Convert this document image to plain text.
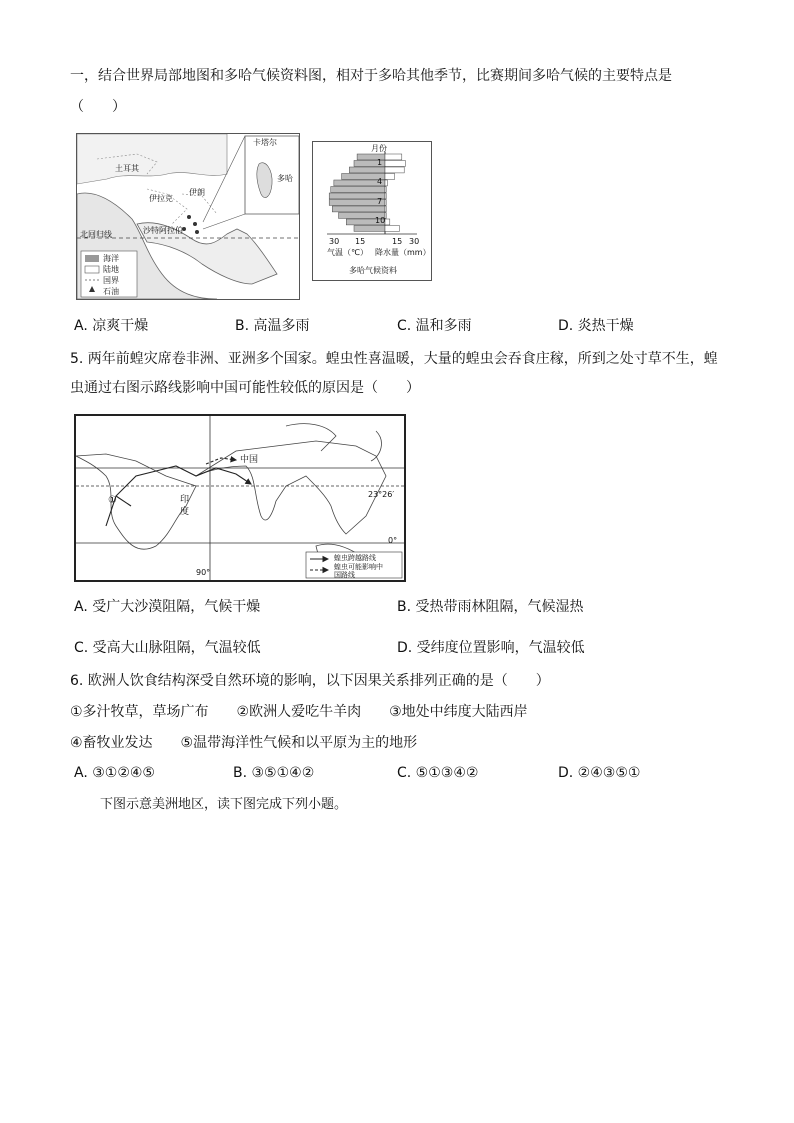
一，结合世界局部地图和多哈气候资料图，相对于多哈其他季节，比赛期间多哈气候的主要特点是
（　　）
卡塔尔
多哈
土耳其
伊拉克
伊朗
沙特阿拉伯
北回归线
海洋
陆地
国界
石油
月份
1
4
7
10
30 15	15 30
气温（℃） 降水量（mm）
多哈气候资料
A. 凉爽干燥	B. 高温多雨	C. 温和多雨	D. 炎热干燥
5. 两年前蝗灾席卷非洲、亚洲多个国家。蝗虫性喜温暖，大量的蝗虫会吞食庄稼，所到之处寸草不生，蝗
虫通过右图示路线影响中国可能性较低的原因是（　　）
中国
印
度
①
23°26′
0°
90°
蝗虫跨越路线
蝗虫可能影响中
国路线
A. 受广大沙漠阻隔，气候干燥	B. 受热带雨林阻隔，气候湿热
C. 受高大山脉阻隔，气温较低	D. 受纬度位置影响，气温较低
6. 欧洲人饮食结构深受自然环境的影响，以下因果关系排列正确的是（　　）
①多汁牧草，草场广布　　②欧洲人爱吃牛羊肉　　③地处中纬度大陆西岸
④畜牧业发达　　⑤温带海洋性气候和以平原为主的地形
A. ③①②④⑤	B. ③⑤①④②	C. ⑤①③④②	D. ②④③⑤①
下图示意美洲地区，读下图完成下列小题。
